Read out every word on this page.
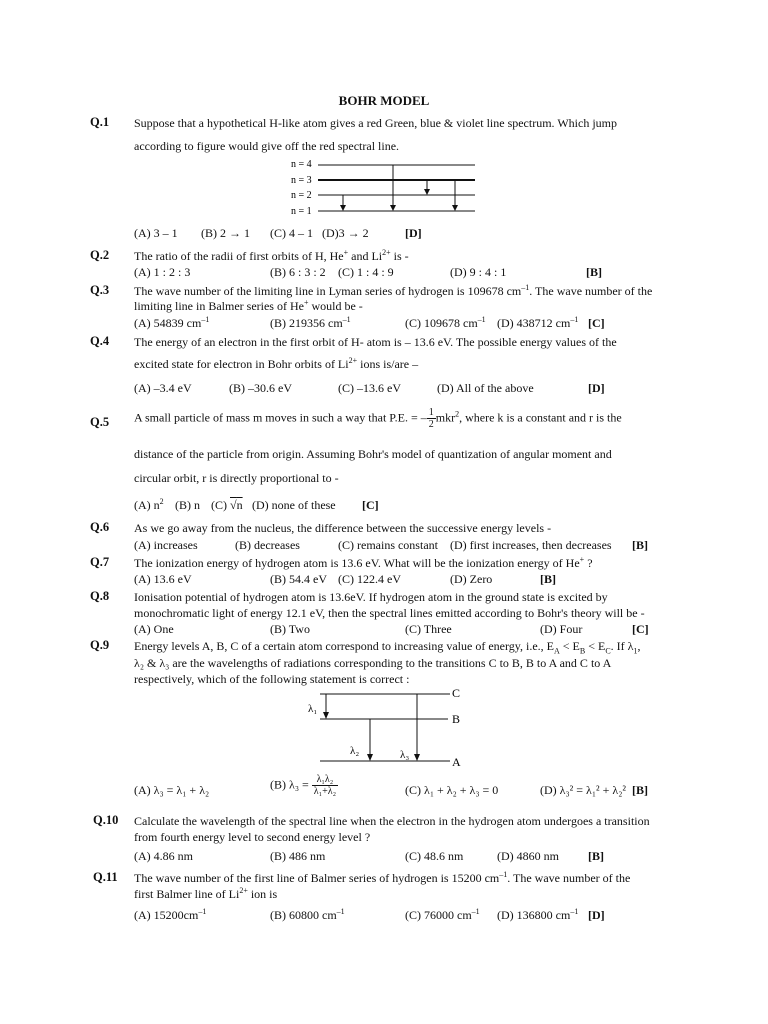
BOHR MODEL
Q.1 Suppose that a hypothetical H-like atom gives a red Green, blue & violet line spectrum. Which jump
according to figure would give off the red spectral line.
n = 4
n = 3
n = 2
n = 1
(A) 3 – 1 (B) 2 → 1 (C) 4 – 1 (D)3 → 2	[D]
Q.2 The ratio of the radii of first orbits of H, He+ and $Li^{2+}$ is -
(A) 1 : 2 : 3	(B) 6 : 3 : 2 (C) 1 : 4 : 9	(D) 9 : 4 : 1	[B]
Q.3 The wave number of the limiting line in Lyman series of hydrogen is 109678 $cm^{-1}$. The wave number of the
limiting line in Balmer series of He+ would be -
(A) 54839 $cm^{-1}$	(B) 219356 $cm^{-1}$	(C) 109678 $cm^{-1}$ (D) 438712 $cm^{-1}$ [C]
Q.4 The energy of an electron in the first orbit of H- atom is – 13.6 eV. The possible energy values of the
excited state for electron in Bohr orbits of $Li^{2+}$ ions is/are –
(A) –3.4 eV	(B) –30.6 eV	(C) –13.6 eV	(D) All of the above	[D]
Q.5 A small particle of mass m moves in such a way that P.E. = – $\frac{1}{2} mkr^2$, where k is a constant and r is the
distance of the particle from origin. Assuming Bohr's model of quantization of angular moment and
circular orbit, r is directly proportional to -
(A) $n^2$ (B) n (C) √n (D) none of these [C]
Q.6 As we go away from the nucleus, the difference between the successive energy levels -
(A) increases	(B) decreases	(C) remains constant (D) first increases, then decreases [B]
Q.7 The ionization energy of hydrogen atom is 13.6 eV. What will be the ionization energy of He+ ?
(A) 13.6 eV	(B) 54.4 eV (C) 122.4 eV	(D) Zero	[B]
Q.8 Ionisation potential of hydrogen atom is 13.6eV. If hydrogen atom in the ground state is excited by
monochromatic light of energy 12.1 eV, then the spectral lines emitted according to Bohr's theory will be -
(A) One	(B) Two	(C) Three	(D) Four	[C]
Q.9 Energy levels A, B, C of a certain atom correspond to increasing value of energy, i.e., $E_A < E_B < E_C$. If $\lambda_1$,
λ₂ & λ₃ are the wavelengths of radiations corresponding to the transitions C to B, B to A and C to A
respectively, which of the following statement is correct :
C
B
A
λ₁
λ₂	λ₃
(A) λ₃ = λ₁ + λ₂	(B) $\lambda_3 = \frac{\text{λ₁λ₂}}{\text{λ₁+λ₂}}$	(C) λ₁ + λ₂ + λ₃ = 0	(D) λ₃² = λ₁² + λ₂² [B]
Q.10 Calculate the wavelength of the spectral line when the electron in the hydrogen atom undergoes a transition
from fourth energy level to second energy level ?
(A) 4.86 nm	(B) 486 nm	(C) 48.6 nm	(D) 4860 nm [B]
Q.11 The wave number of the first line of Balmer series of hydrogen is 15200 $cm^{-1}$. The wave number of the
first Balmer line of $Li^{2+}$ ion is
(A) $15200cm^{-1}$	(B) 60800 $cm^{-1}$	(C) 76000 $cm^{-1}$ (D) 136800 $cm^{-1}$ [D]
